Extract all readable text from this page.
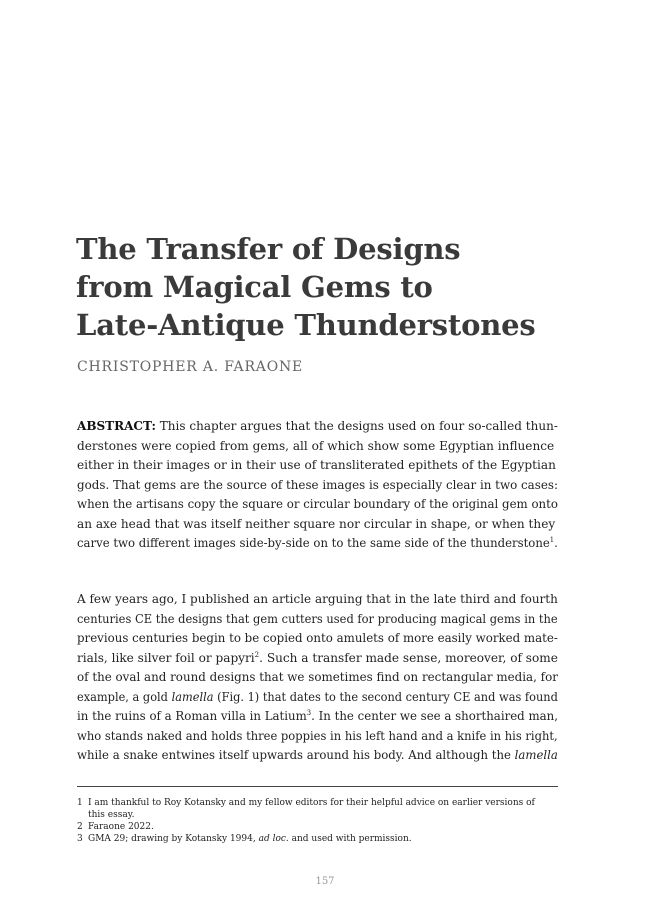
The Transfer of Designs
from Magical Gems to
Late-Antique Thunderstones

CHRISTOPHER A. FARAONE

ABSTRACT: This chapter argues that the designs used on four so-called thun-
derstones were copied from gems, all of which show some Egyptian influence
either in their images or in their use of transliterated epithets of the Egyptian
gods. That gems are the source of these images is especially clear in two cases:
when the artisans copy the square or circular boundary of the original gem onto
an axe head that was itself neither square nor circular in shape, or when they
carve two different images side-by-side on to the same side of the thunderstone$^1$.

A few years ago, I published an article arguing that in the late third and fourth
centuries CE the designs that gem cutters used for producing magical gems in the
previous centuries begin to be copied onto amulets of more easily worked mate-
rials, like silver foil or papyri$^2$. Such a transfer made sense, moreover, of some
of the oval and round designs that we sometimes find on rectangular media, for
example, a gold lamella (Fig. 1) that dates to the second century CE and was found
in the ruins of a Roman villa in Latium$^3$. In the center we see a shorthaired man,
who stands naked and holds three poppies in his left hand and a knife in his right,
while a snake entwines itself upwards around his body. And although the lamella

1 I am thankful to Roy Kotansky and my fellow editors for their helpful advice on earlier versions of
this essay.
2 Faraone 2022.
3 GMA 29; drawing by Kotansky 1994, ad loc. and used with permission.
157
